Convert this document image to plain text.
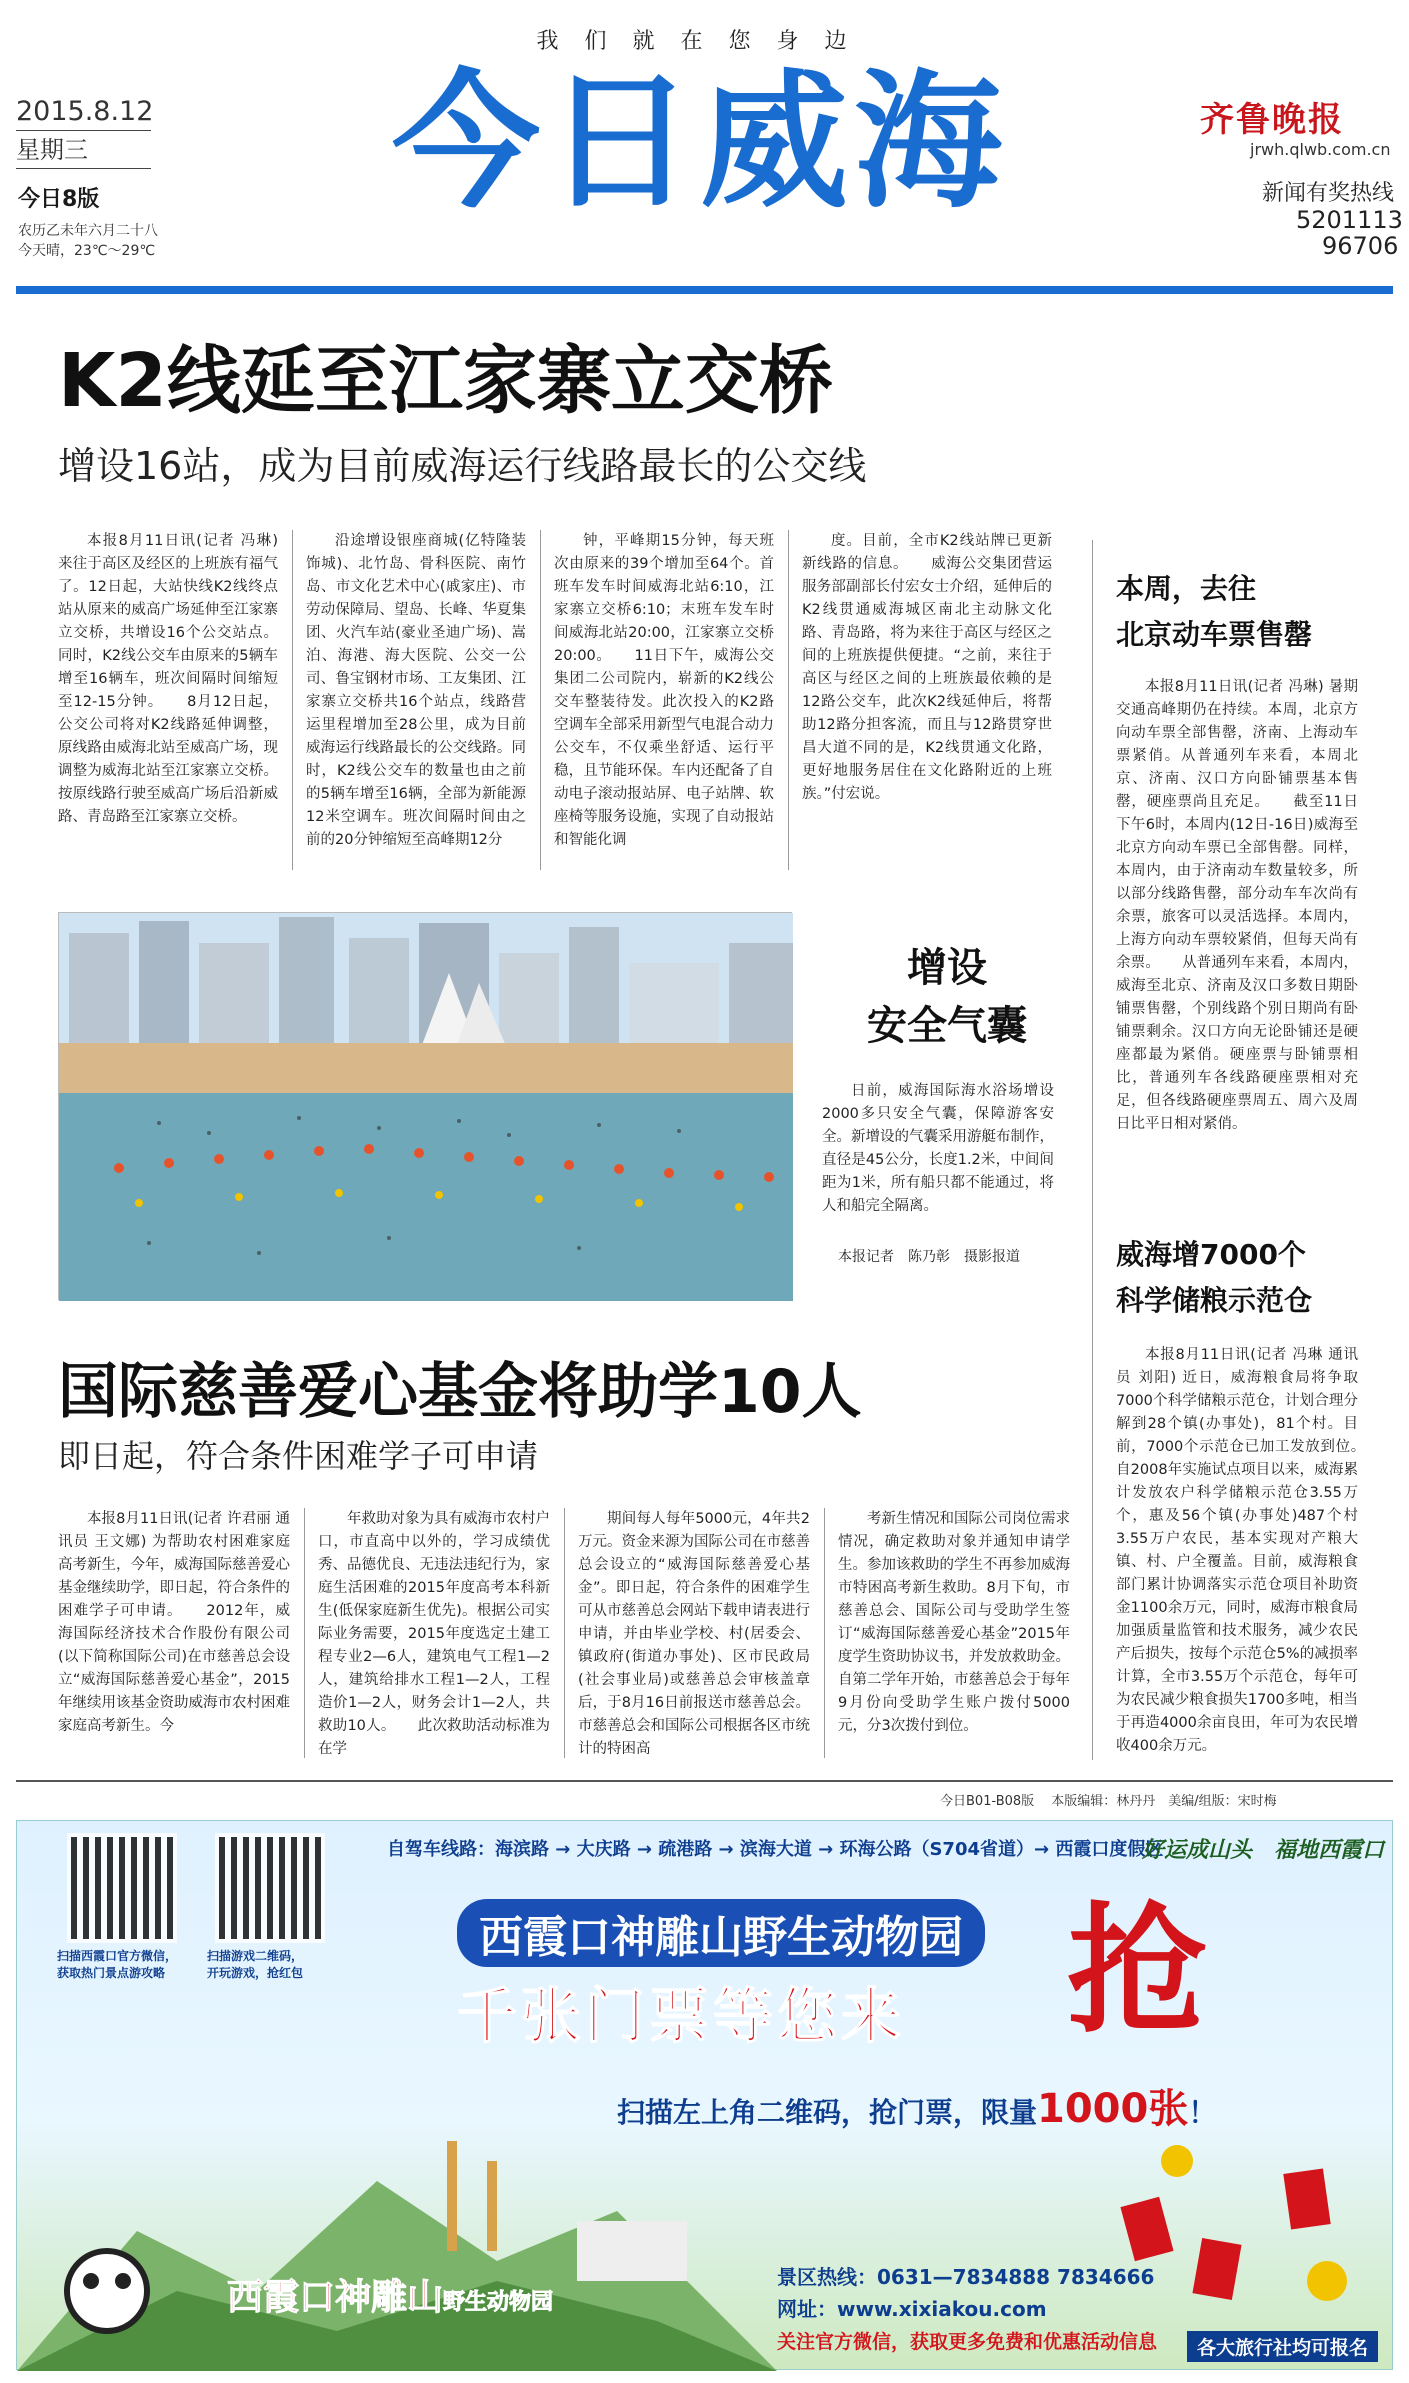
我们就在您身边
2015.8.12
星期三
今日8版
农历乙未年六月二十八
今天晴，23℃～29℃
今日威海	齐鲁晚报
jrwh.qlwb.com.cn
新闻有奖热线
5201113
96706
K2线延至江家寨立交桥
增设16站，成为目前威海运行线路最长的公交线

本报8月11日讯(记者 冯琳) 来往于高区及经区的上班族有福气了。12日起，大站快线K2线终点站从原来的威高广场延伸至江家寨立交桥，共增设16个公交站点。同时，K2线公交车由原来的5辆车增至16辆车，班次间隔时间缩短至12-15分钟。　　8月12日起，公交公司将对K2线路延伸调整，原线路由威海北站至威高广场，现调整为威海北站至江家寨立交桥。按原线路行驶至威高广场后沿新威路、青岛路至江家寨立交桥。

沿途增设银座商城(亿特隆装饰城)、北竹岛、骨科医院、南竹岛、市文化艺术中心(戚家庄)、市劳动保障局、望岛、长峰、华夏集团、火汽车站(豪业圣迪广场)、嵩泊、海港、海大医院、公交一公司、鲁宝钢材市场、工友集团、江家寨立交桥共16个站点，线路营运里程增加至28公里，成为目前威海运行线路最长的公交线路。同时，K2线公交车的数量也由之前的5辆车增至16辆，全部为新能源12米空调车。班次间隔时间由之前的20分钟缩短至高峰期12分

钟，平峰期15分钟，每天班次由原来的39个增加至64个。首班车发车时间威海北站6:10，江家寨立交桥6:10；末班车发车时间威海北站20:00，江家寨立交桥20:00。　　11日下午，威海公交集团二公司院内，崭新的K2线公交车整装待发。此次投入的K2路空调车全部采用新型气电混合动力公交车，不仅乘坐舒适、运行平稳，且节能环保。车内还配备了自动电子滚动报站屏、电子站牌、软座椅等服务设施，实现了自动报站和智能化调

度。目前，全市K2线站牌已更新新线路的信息。　　威海公交集团营运服务部副部长付宏女士介绍，延伸后的K2线贯通威海城区南北主动脉文化路、青岛路，将为来往于高区与经区之间的上班族提供便捷。“之前，来往于高区与经区之间的上班族最依赖的是12路公交车，此次K2线延伸后，将帮助12路分担客流，而且与12路贯穿世昌大道不同的是，K2线贯通文化路，更好地服务居住在文化路附近的上班族。”付宏说。

增设
安全气囊

日前，威海国际海水浴场增设2000多只安全气囊，保障游客安全。新增设的气囊采用游艇布制作，直径是45公分，长度1.2米，中间间距为1米，所有船只都不能通过，将人和船完全隔离。

本报记者　陈乃彰　摄影报道
本周，去往
北京动车票售罄

本报8月11日讯(记者 冯琳) 暑期交通高峰期仍在持续。本周，北京方向动车票全部售罄，济南、上海动车票紧俏。从普通列车来看，本周北京、济南、汉口方向卧铺票基本售罄，硬座票尚且充足。　　截至11日下午6时，本周内(12日-16日)威海至北京方向动车票已全部售罄。同样，本周内，由于济南动车数量较多，所以部分线路售罄，部分动车车次尚有余票，旅客可以灵活选择。本周内，上海方向动车票较紧俏，但每天尚有余票。　　从普通列车来看，本周内，威海至北京、济南及汉口多数日期卧铺票售罄，个别线路个别日期尚有卧铺票剩余。汉口方向无论卧铺还是硬座都最为紧俏。硬座票与卧铺票相比，普通列车各线路硬座票相对充足，但各线路硬座票周五、周六及周日比平日相对紧俏。

威海增7000个
科学储粮示范仓

本报8月11日讯(记者 冯琳 通讯员 刘阳) 近日，威海粮食局将争取7000个科学储粮示范仓，计划合理分解到28个镇(办事处)，81个村。目前，7000个示范仓已加工发放到位。　　自2008年实施试点项目以来，威海累计发放农户科学储粮示范仓3.55万个，惠及56个镇(办事处)487个村3.55万户农民，基本实现对产粮大镇、村、户全覆盖。目前，威海粮食部门累计协调落实示范仓项目补助资金1100余万元，同时，威海市粮食局加强质量监管和技术服务，减少农民产后损失，按每个示范仓5%的减损率计算，全市3.55万个示范仓，每年可为农民减少粮食损失1700多吨，相当于再造4000余亩良田，年可为农民增收400余万元。

国际慈善爱心基金将助学10人
即日起，符合条件困难学子可申请

本报8月11日讯(记者 许君丽 通讯员 王文娜) 为帮助农村困难家庭高考新生，今年，威海国际慈善爱心基金继续助学，即日起，符合条件的困难学子可申请。　　2012年，威海国际经济技术合作股份有限公司(以下简称国际公司)在市慈善总会设立“威海国际慈善爱心基金”，2015年继续用该基金资助威海市农村困难家庭高考新生。今

年救助对象为具有威海市农村户口，市直高中以外的，学习成绩优秀、品德优良、无违法违纪行为，家庭生活困难的2015年度高考本科新生(低保家庭新生优先)。根据公司实际业务需要，2015年度选定土建工程专业2—6人，建筑电气工程1—2人，建筑给排水工程1—2人，工程造价1—2人，财务会计1—2人，共救助10人。　　此次救助活动标准为在学

期间每人每年5000元，4年共2万元。资金来源为国际公司在市慈善总会设立的“威海国际慈善爱心基金”。即日起，符合条件的困难学生可从市慈善总会网站下载申请表进行申请，并由毕业学校、村(居委会、镇政府(街道办事处)、区市民政局(社会事业局)或慈善总会审核盖章后，于8月16日前报送市慈善总会。市慈善总会和国际公司根据各区市统计的特困高

考新生情况和国际公司岗位需求情况，确定救助对象并通知申请学生。参加该救助的学生不再参加威海市特困高考新生救助。8月下旬，市慈善总会、国际公司与受助学生签订“威海国际慈善爱心基金”2015年度学生资助协议书，并发放救助金。自第二学年开始，市慈善总会于每年9月份向受助学生账户拨付5000元，分3次拨付到位。

今日B01-B08版　 本版编辑：林丹丹　美编/组版：宋时梅
扫描西霞口官方微信，
获取热门景点游攻略
扫描游戏二维码，
开玩游戏，抢红包
自驾车线路：海滨路 → 大庆路 → 疏港路 → 滨海大道 → 环海公路（S704省道）→ 西霞口度假区
好运成山头　福地西霞口
西霞口神雕山野生动物园
千张门票等您来 抢
扫描左上角二维码，抢门票，限量1000张！
西霞口神雕山野生动物园
景区热线：0631—7834888 7834666
网址：www.xixiakou.com
关注官方微信，获取更多免费和优惠活动信息	各大旅行社均可报名
